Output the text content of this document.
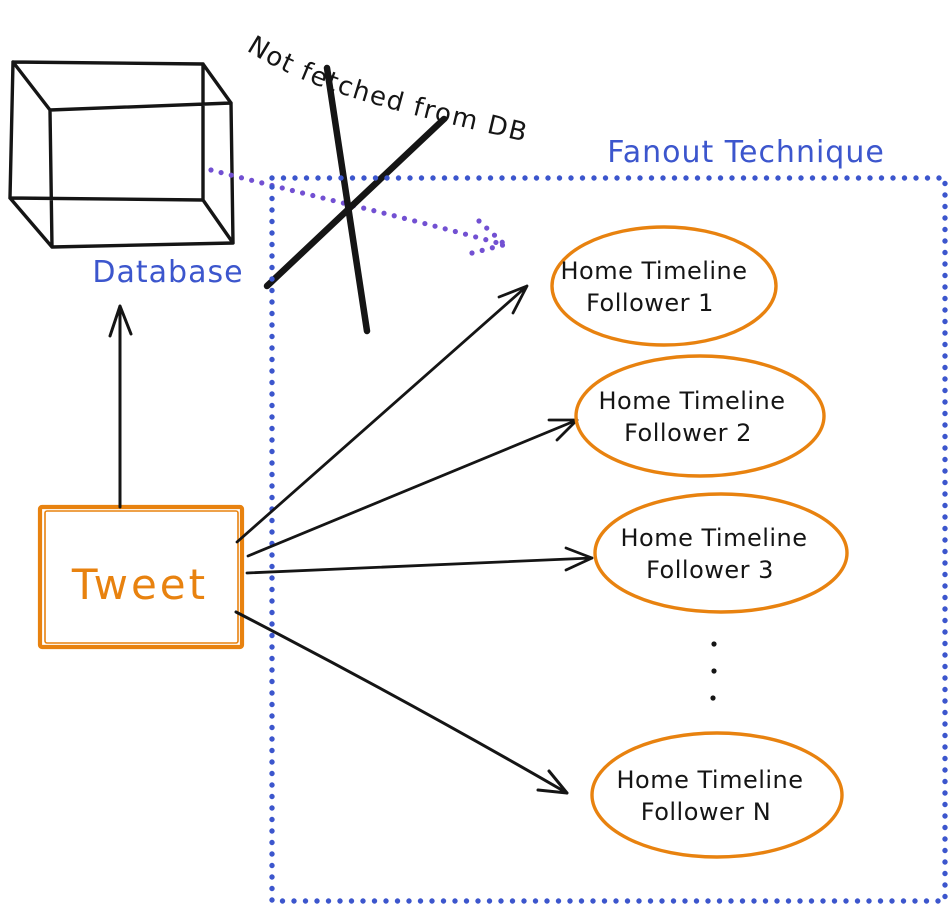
Database
Not fetched from DB
Fanout Technique
Tweet
Home Timeline
Follower 1
Home Timeline
Follower 2
Home Timeline
Follower 3
Home Timeline
Follower N
